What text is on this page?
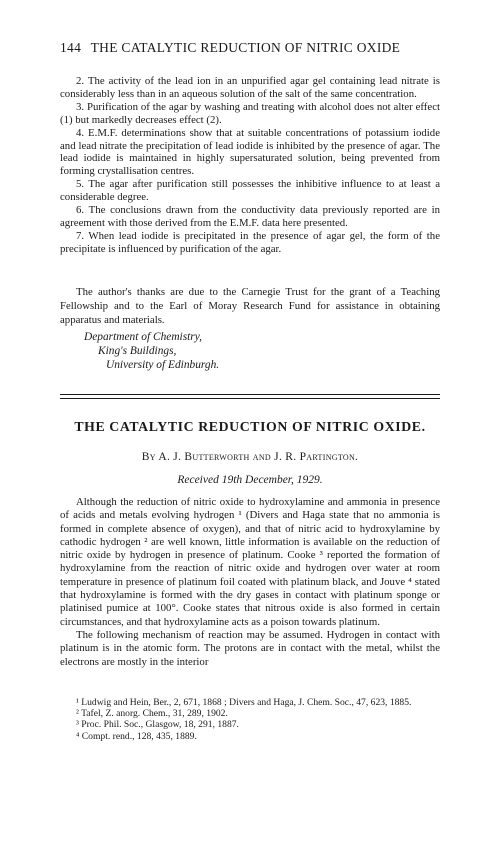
144 THE CATALYTIC REDUCTION OF NITRIC OXIDE

2. The activity of the lead ion in an unpurified agar gel containing lead nitrate is considerably less than in an aqueous solution of the salt of the same concentration.

3. Purification of the agar by washing and treating with alcohol does not alter effect (1) but markedly decreases effect (2).

4. E.M.F. determinations show that at suitable concentrations of potassium iodide and lead nitrate the precipitation of lead iodide is inhibited by the presence of agar. The lead iodide is maintained in highly supersaturated solution, being prevented from forming crystallisation centres.

5. The agar after purification still possesses the inhibitive influence to at least a considerable degree.

6. The conclusions drawn from the conductivity data previously reported are in agreement with those derived from the E.M.F. data here presented.

7. When lead iodide is precipitated in the presence of agar gel, the form of the precipitate is influenced by purification of the agar.

The author's thanks are due to the Carnegie Trust for the grant of a Teaching Fellowship and to the Earl of Moray Research Fund for assistance in obtaining apparatus and materials.
Department of Chemistry,
King's Buildings,
University of Edinburgh.
THE CATALYTIC REDUCTION OF NITRIC OXIDE.
By A. J. Butterworth and J. R. Partington.
Received 19th December, 1929.

Although the reduction of nitric oxide to hydroxylamine and ammonia in presence of acids and metals evolving hydrogen ¹ (Divers and Haga state that no ammonia is formed in complete absence of oxygen), and that of nitric acid to hydroxylamine by cathodic hydrogen ² are well known, little information is available on the reduction of nitric oxide by hydrogen in presence of platinum. Cooke ³ reported the formation of hydroxylamine from the reaction of nitric oxide and hydrogen over water at room temperature in presence of platinum foil coated with platinum black, and Jouve ⁴ stated that hydroxylamine is formed with the dry gases in contact with platinum sponge or platinised pumice at 100°. Cooke states that nitrous oxide is also formed in certain circumstances, and that hydroxylamine acts as a poison towards platinum.

The following mechanism of reaction may be assumed. Hydrogen in contact with platinum is in the atomic form. The protons are in contact with the metal, whilst the electrons are mostly in the interior

¹ Ludwig and Hein, Ber., 2, 671, 1868 ; Divers and Haga, J. Chem. Soc., 47, 623, 1885.
² Tafel, Z. anorg. Chem., 31, 289, 1902.
³ Proc. Phil. Soc., Glasgow, 18, 291, 1887.
⁴ Compt. rend., 128, 435, 1889.
